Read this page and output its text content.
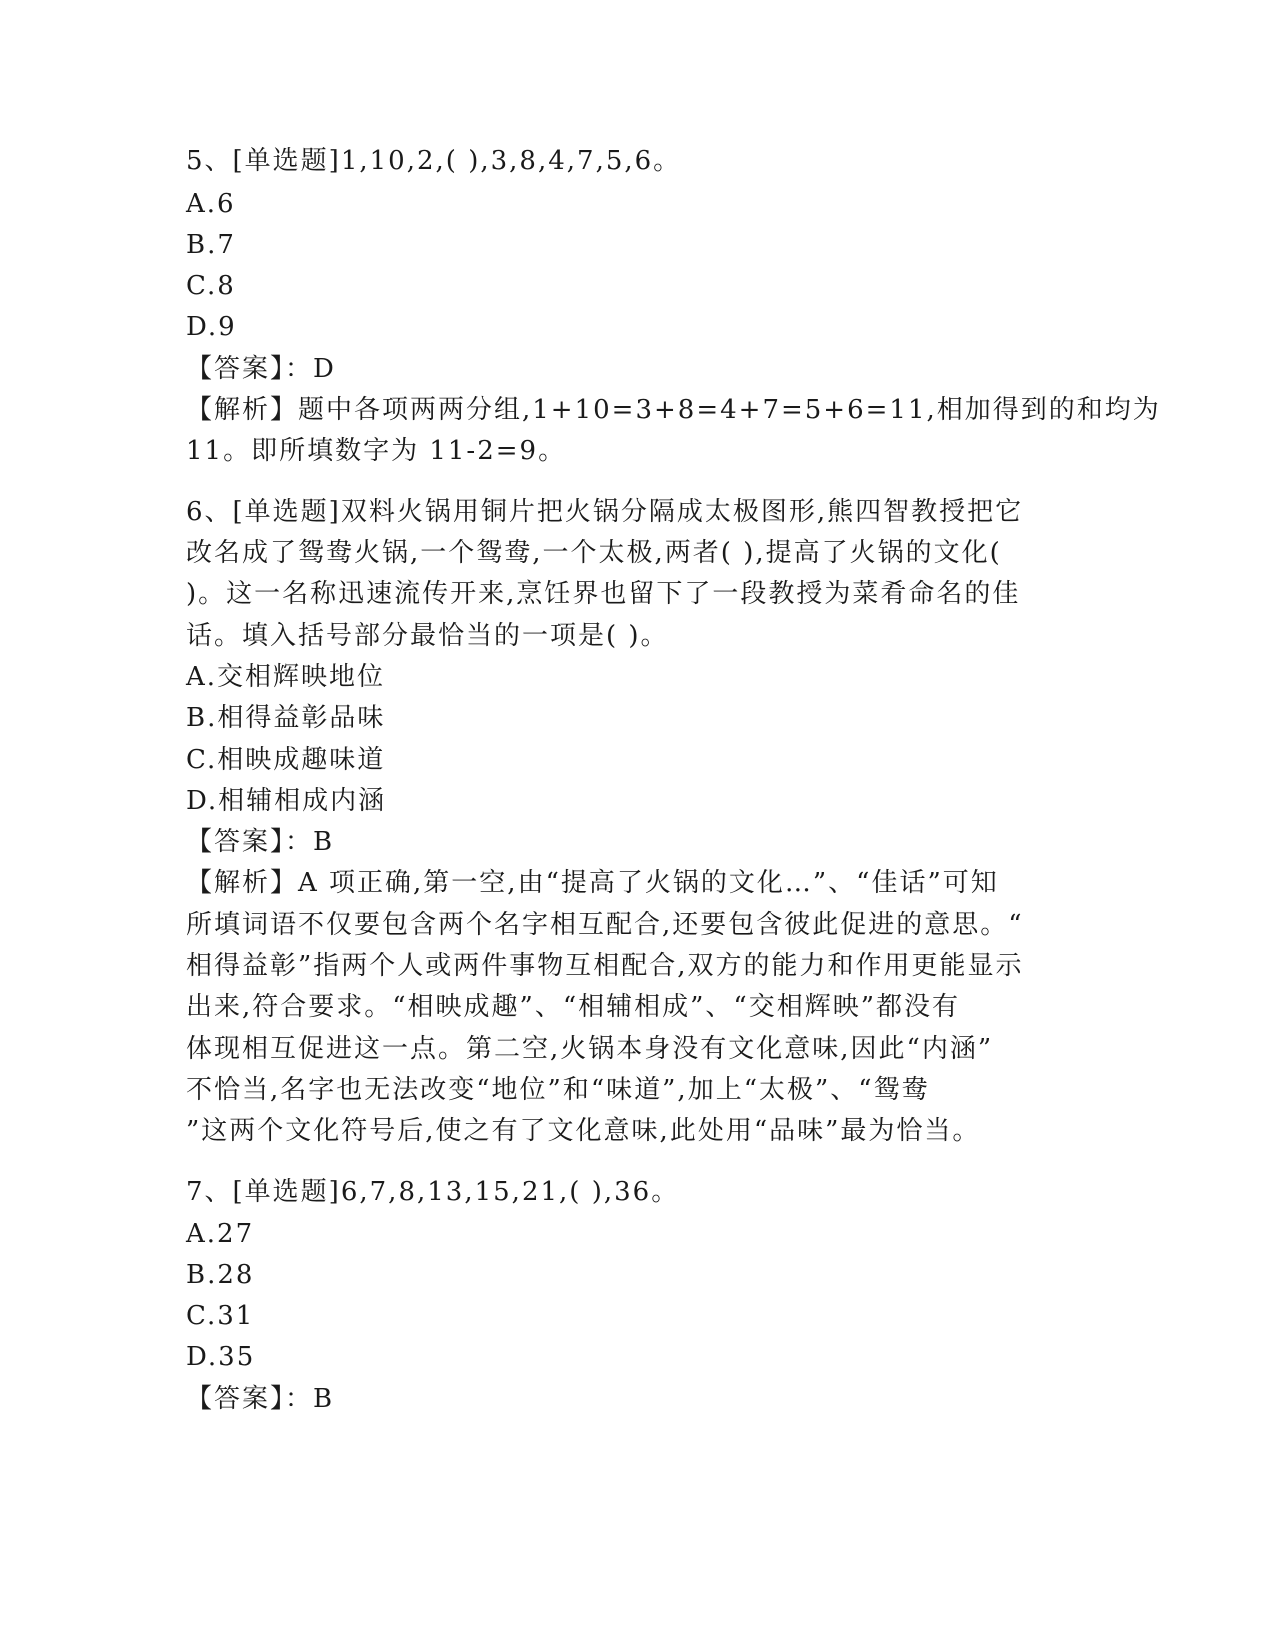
5、[单选题]1,10,2,( ),3,8,4,7,5,6。
A.6
B.7
C.8
D.9
【答案】：D
【解析】题中各项两两分组,1+10=3+8=4+7=5+6=11,相加得到的和均为
11。即所填数字为 11-2=9。
6、[单选题]双料火锅用铜片把火锅分隔成太极图形,熊四智教授把它
改名成了鸳鸯火锅,一个鸳鸯,一个太极,两者( ),提高了火锅的文化(
)。这一名称迅速流传开来,烹饪界也留下了一段教授为菜肴命名的佳
话。填入括号部分最恰当的一项是( )。
A.交相辉映地位
B.相得益彰品味
C.相映成趣味道
D.相辅相成内涵
【答案】：B
【解析】A 项正确,第一空,由“提高了火锅的文化…”、“佳话”可知
所填词语不仅要包含两个名字相互配合,还要包含彼此促进的意思。“
相得益彰”指两个人或两件事物互相配合,双方的能力和作用更能显示
出来,符合要求。“相映成趣”、“相辅相成”、“交相辉映”都没有
体现相互促进这一点。第二空,火锅本身没有文化意味,因此“内涵”
不恰当,名字也无法改变“地位”和“味道”,加上“太极”、“鸳鸯
”这两个文化符号后,使之有了文化意味,此处用“品味”最为恰当。
7、[单选题]6,7,8,13,15,21,( ),36。
A.27
B.28
C.31
D.35
【答案】：B
